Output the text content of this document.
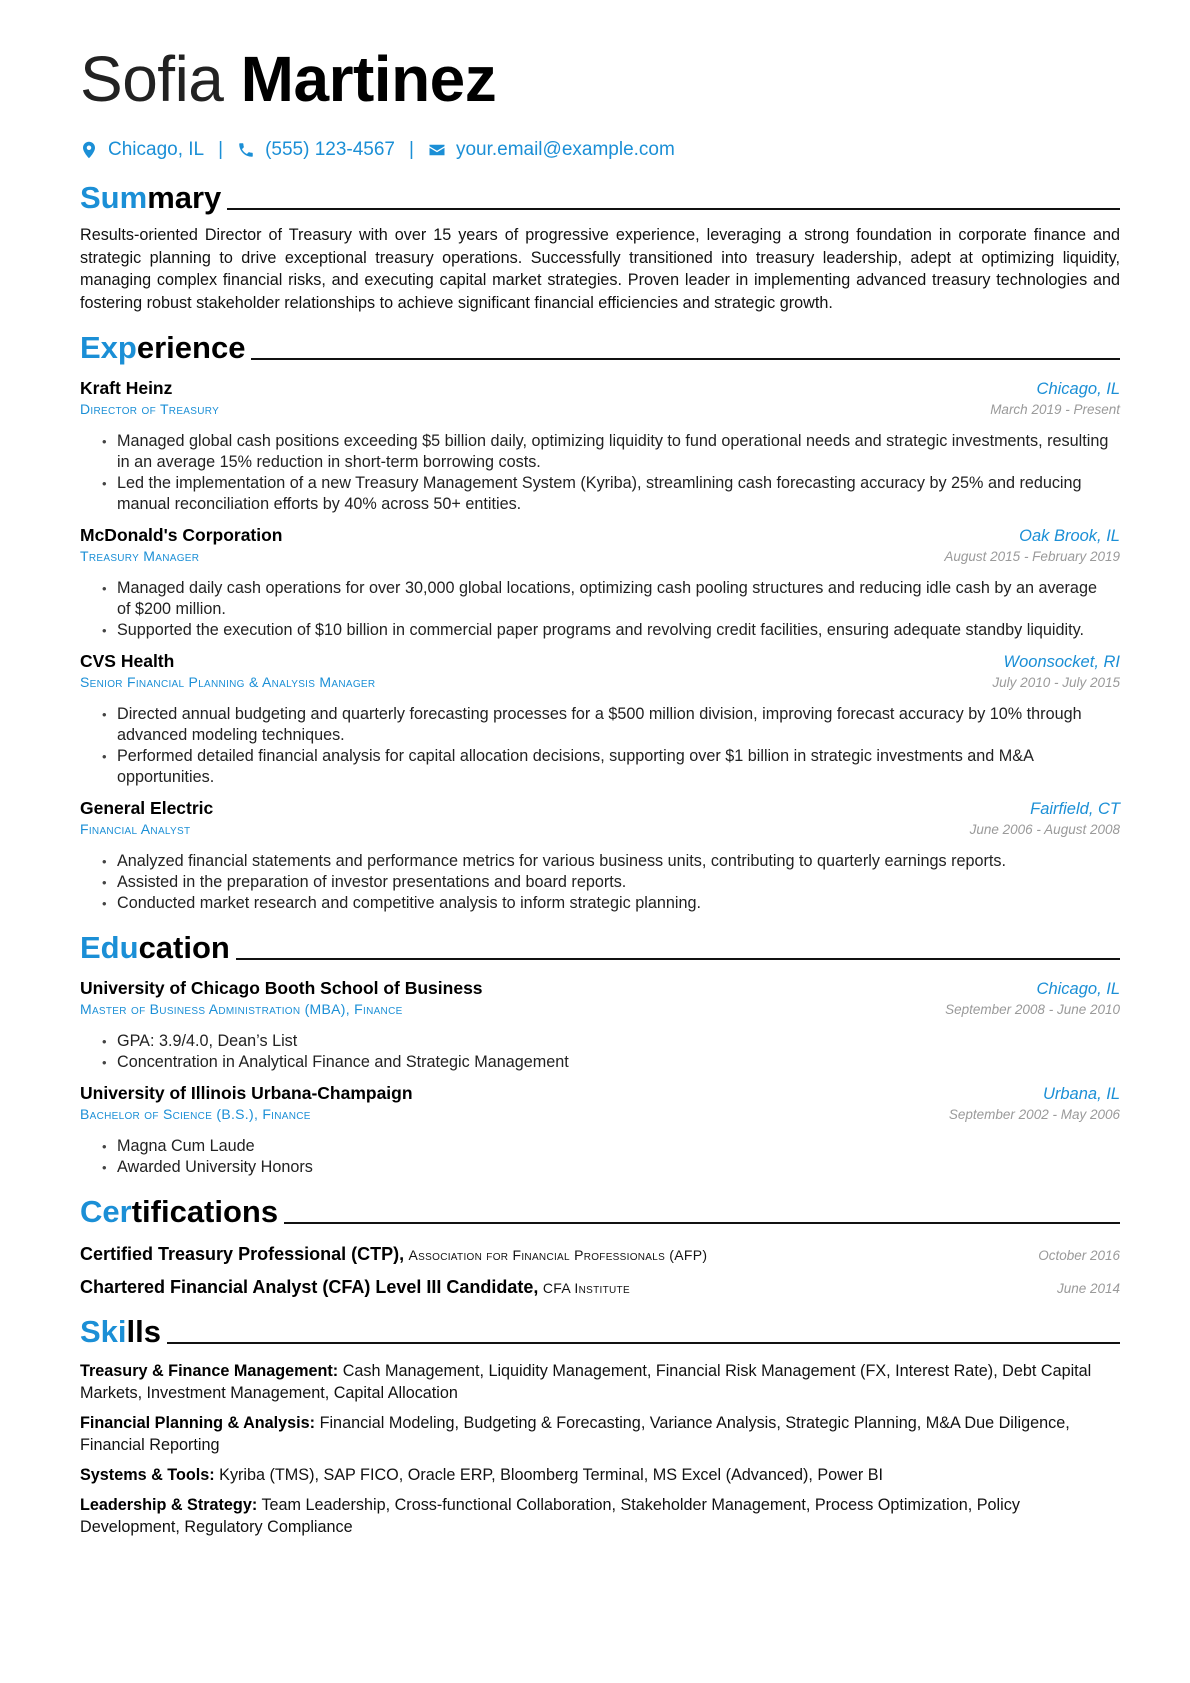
Sofia Martinez
Chicago, IL | (555) 123-4567 | your.email@example.com
Summary

Results-oriented Director of Treasury with over 15 years of progressive experience, leveraging a strong foundation in corporate finance and strategic planning to drive exceptional treasury operations. Successfully transitioned into treasury leadership, adept at optimizing liquidity, managing complex financial risks, and executing capital market strategies. Proven leader in implementing advanced treasury technologies and fostering robust stakeholder relationships to achieve significant financial efficiencies and strategic growth.

Experience
Kraft Heinz	Chicago, IL
Director of Treasury	March 2019 - Present
• Managed global cash positions exceeding $5 billion daily, optimizing liquidity to fund operational needs and strategic investments, resulting in an average 15% reduction in short-term borrowing costs.
• Led the implementation of a new Treasury Management System (Kyriba), streamlining cash forecasting accuracy by 25% and reducing manual reconciliation efforts by 40% across 50+ entities.
McDonald's Corporation	Oak Brook, IL
Treasury Manager	August 2015 - February 2019
• Managed daily cash operations for over 30,000 global locations, optimizing cash pooling structures and reducing idle cash by an average of $200 million.
• Supported the execution of $10 billion in commercial paper programs and revolving credit facilities, ensuring adequate standby liquidity.
CVS Health	Woonsocket, RI
Senior Financial Planning & Analysis Manager	July 2010 - July 2015
• Directed annual budgeting and quarterly forecasting processes for a $500 million division, improving forecast accuracy by 10% through advanced modeling techniques.
• Performed detailed financial analysis for capital allocation decisions, supporting over $1 billion in strategic investments and M&A opportunities.
General Electric	Fairfield, CT
Financial Analyst	June 2006 - August 2008
• Analyzed financial statements and performance metrics for various business units, contributing to quarterly earnings reports.
• Assisted in the preparation of investor presentations and board reports.
• Conducted market research and competitive analysis to inform strategic planning.
Education
University of Chicago Booth School of Business	Chicago, IL
Master of Business Administration (MBA), Finance	September 2008 - June 2010
• GPA: 3.9/4.0, Dean’s List
• Concentration in Analytical Finance and Strategic Management
University of Illinois Urbana-Champaign	Urbana, IL
Bachelor of Science (B.S.), Finance	September 2002 - May 2006
• Magna Cum Laude
• Awarded University Honors
Certifications
Certified Treasury Professional (CTP), Association for Financial Professionals (AFP)	October 2016
Chartered Financial Analyst (CFA) Level III Candidate, CFA Institute	June 2014
Skills
Treasury & Finance Management: Cash Management, Liquidity Management, Financial Risk Management (FX, Interest Rate), Debt Capital Markets, Investment Management, Capital Allocation
Financial Planning & Analysis: Financial Modeling, Budgeting & Forecasting, Variance Analysis, Strategic Planning, M&A Due Diligence, Financial Reporting
Systems & Tools: Kyriba (TMS), SAP FICO, Oracle ERP, Bloomberg Terminal, MS Excel (Advanced), Power BI
Leadership & Strategy: Team Leadership, Cross-functional Collaboration, Stakeholder Management, Process Optimization, Policy Development, Regulatory Compliance
